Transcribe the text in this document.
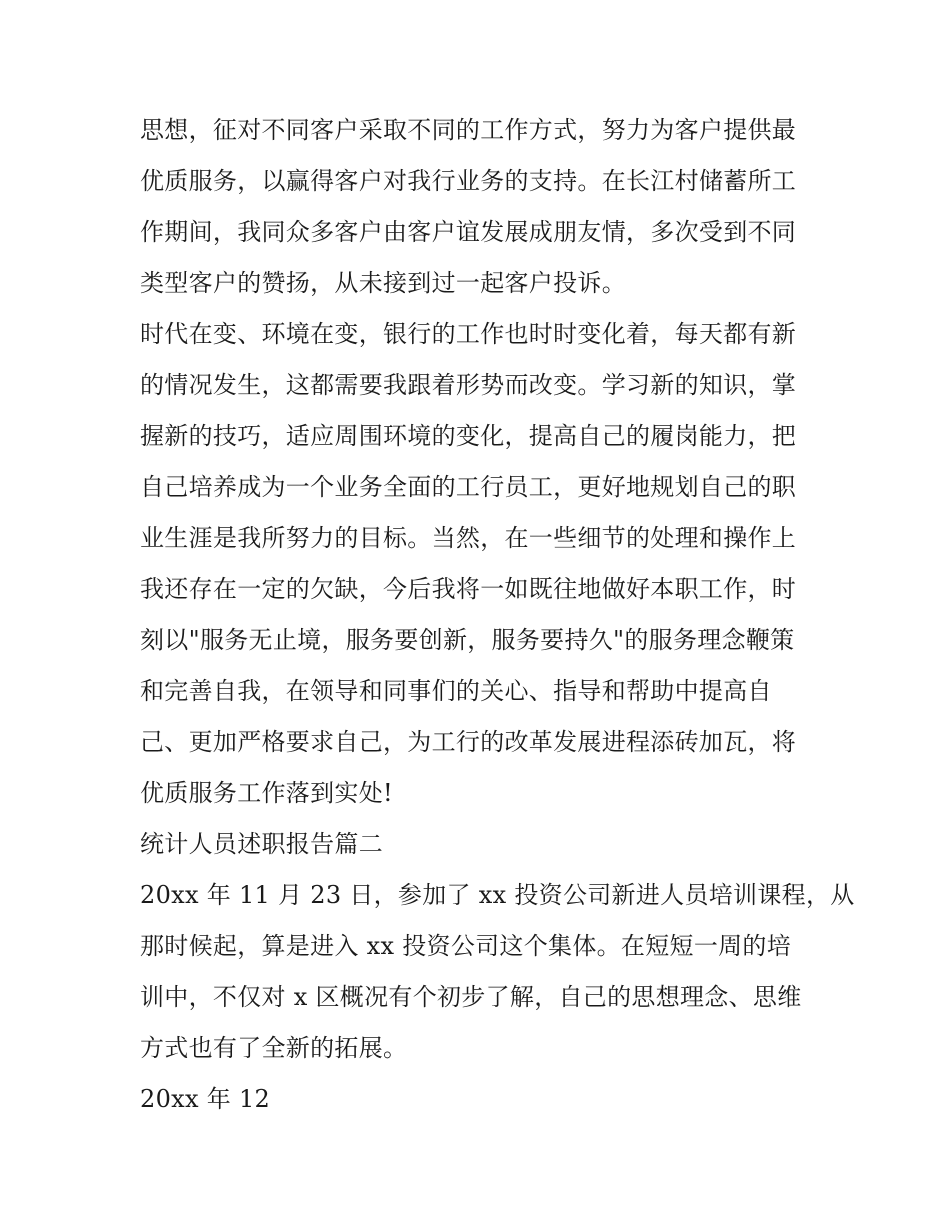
思想，征对不同客户采取不同的工作方式，努力为客户提供最
优质服务，以赢得客户对我行业务的支持。在长江村储蓄所工
作期间，我同众多客户由客户谊发展成朋友情，多次受到不同
类型客户的赞扬，从未接到过一起客户投诉。
时代在变、环境在变，银行的工作也时时变化着，每天都有新
的情况发生，这都需要我跟着形势而改变。学习新的知识，掌
握新的技巧，适应周围环境的变化，提高自己的履岗能力，把
自己培养成为一个业务全面的工行员工，更好地规划自己的职
业生涯是我所努力的目标。当然，在一些细节的处理和操作上
我还存在一定的欠缺，今后我将一如既往地做好本职工作，时
刻以"服务无止境，服务要创新，服务要持久"的服务理念鞭策
和完善自我，在领导和同事们的关心、指导和帮助中提高自
己、更加严格要求自己，为工行的改革发展进程添砖加瓦，将
优质服务工作落到实处!
统计人员述职报告篇二
20xx 年 11 月 23 日，参加了 xx 投资公司新进人员培训课程，从
那时候起，算是进入 xx 投资公司这个集体。在短短一周的培
训中，不仅对 x 区概况有个初步了解，自己的思想理念、思维
方式也有了全新的拓展。
20xx 年 12
